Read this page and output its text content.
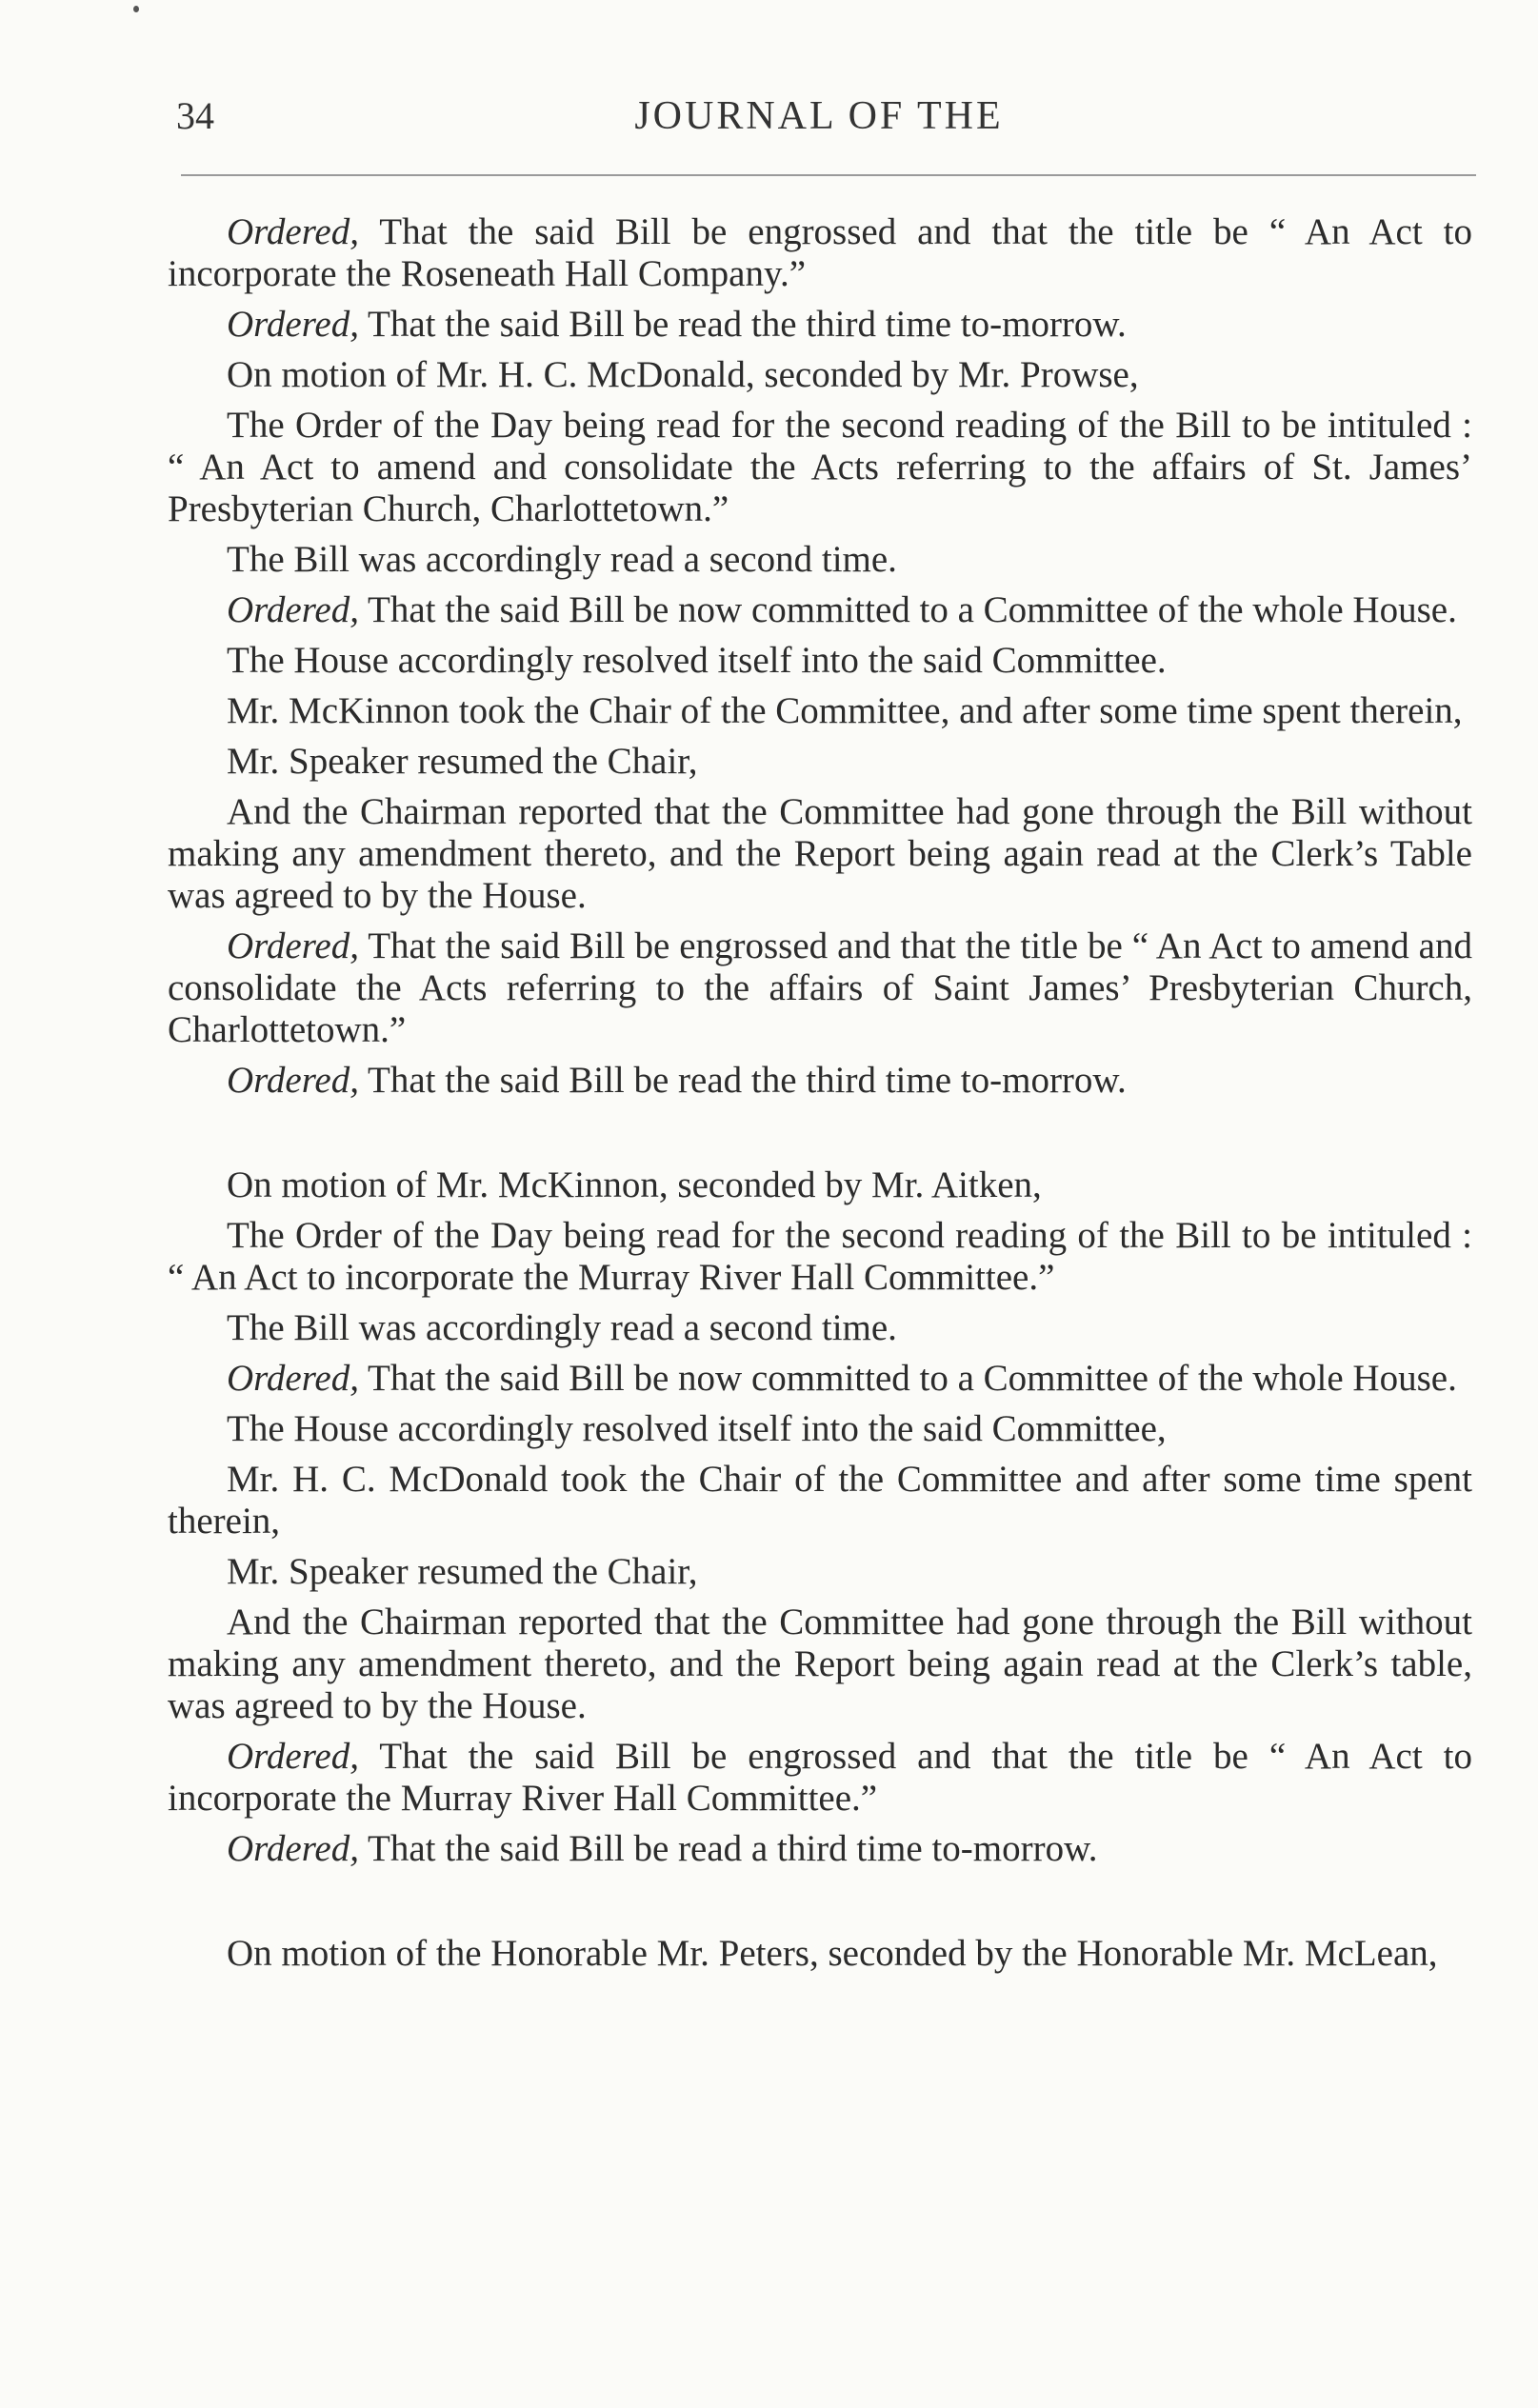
34	JOURNAL OF THE

Ordered, That the said Bill be engrossed and that the title be “ An Act to incorporate the Roseneath Hall Company.”

Ordered, That the said Bill be read the third time to-morrow.

On motion of Mr. H. C. McDonald, seconded by Mr. Prowse,

The Order of the Day being read for the second reading of the Bill to be intituled : “ An Act to amend and consolidate the Acts referring to the affairs of St. James’ Presbyterian Church, Charlottetown.”

The Bill was accordingly read a second time.

Ordered, That the said Bill be now committed to a Committee of the whole House.

The House accordingly resolved itself into the said Committee.

Mr. McKinnon took the Chair of the Committee, and after some time spent therein,

Mr. Speaker resumed the Chair,

And the Chairman reported that the Committee had gone through the Bill without making any amendment thereto, and the Report being again read at the Clerk’s Table was agreed to by the House.

Ordered, That the said Bill be engrossed and that the title be “ An Act to amend and consolidate the Acts referring to the affairs of Saint James’ Presbyterian Church, Charlottetown.”

Ordered, That the said Bill be read the third time to-morrow.

On motion of Mr. McKinnon, seconded by Mr. Aitken,

The Order of the Day being read for the second reading of the Bill to be intituled : “ An Act to incorporate the Murray River Hall Committee.”

The Bill was accordingly read a second time.

Ordered, That the said Bill be now committed to a Committee of the whole House.

The House accordingly resolved itself into the said Committee,

Mr. H. C. McDonald took the Chair of the Committee and after some time spent therein,

Mr. Speaker resumed the Chair,

And the Chairman reported that the Committee had gone through the Bill without making any amendment thereto, and the Report being again read at the Clerk’s table, was agreed to by the House.

Ordered, That the said Bill be engrossed and that the title be “ An Act to incorporate the Murray River Hall Committee.”

Ordered, That the said Bill be read a third time to-morrow.

On motion of the Honorable Mr. Peters, seconded by the Honorable Mr. McLean,
